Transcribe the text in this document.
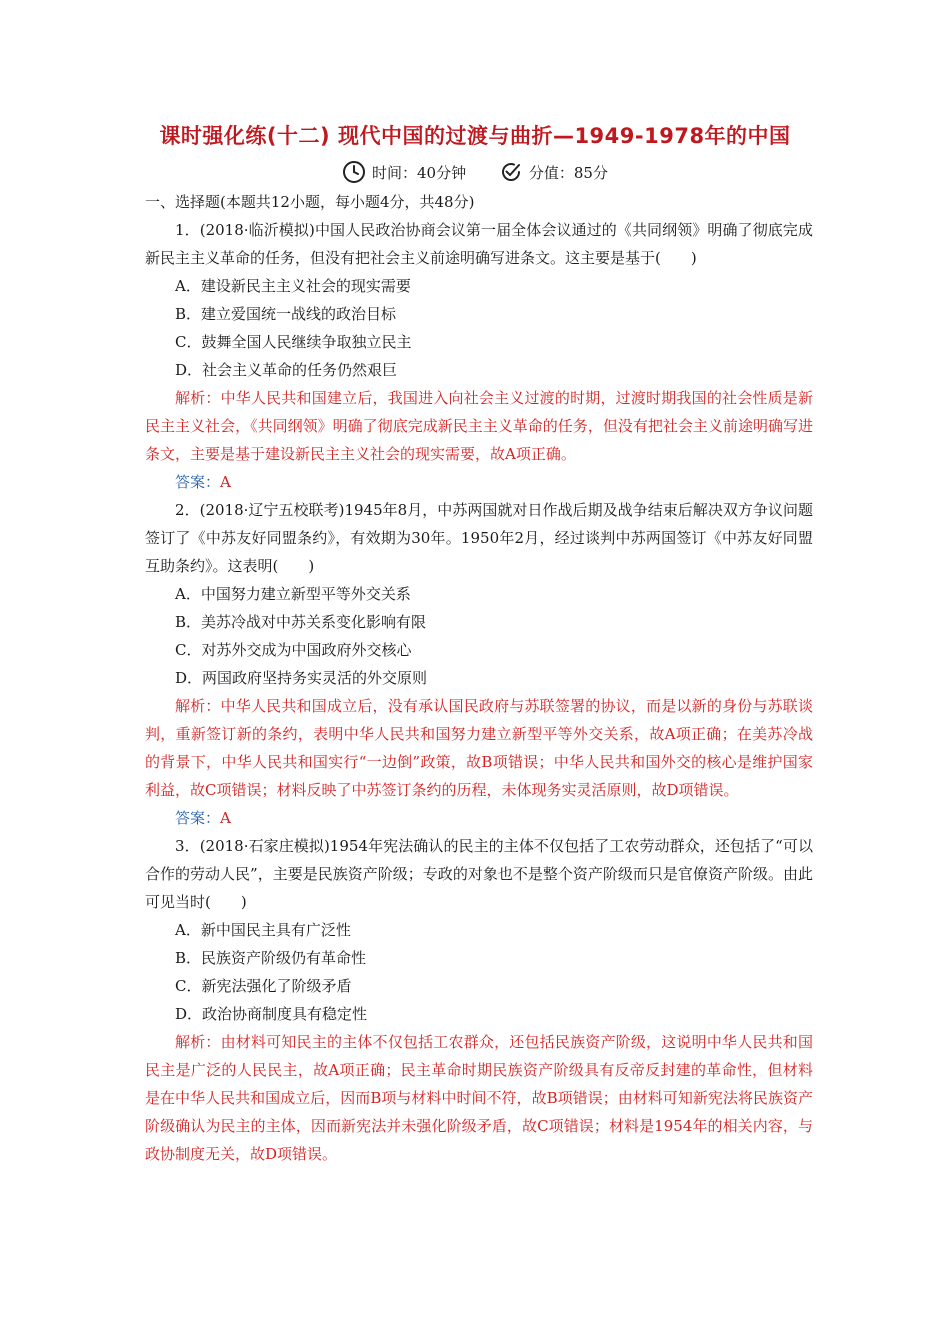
课时强化练(十二) 现代中国的过渡与曲折—1949-1978年的中国
时间：40分钟
	分值：85分
一、选择题(本题共12小题，每小题4分，共48分)

1．(2018·临沂模拟)中国人民政治协商会议第一届全体会议通过的《共同纲领》明确了彻底完成新民主主义革命的任务，但没有把社会主义前途明确写进条文。这主要是基于(　　)

A．建设新民主主义社会的现实需要

B．建立爱国统一战线的政治目标

C．鼓舞全国人民继续争取独立民主

D．社会主义革命的任务仍然艰巨

解析：中华人民共和国建立后，我国进入向社会主义过渡的时期，过渡时期我国的社会性质是新民主主义社会，《共同纲领》明确了彻底完成新民主主义革命的任务，但没有把社会主义前途明确写进条文，主要是基于建设新民主主义社会的现实需要，故A项正确。

答案：A

2．(2018·辽宁五校联考)1945年8月，中苏两国就对日作战后期及战争结束后解决双方争议问题签订了《中苏友好同盟条约》，有效期为30年。1950年2月，经过谈判中苏两国签订《中苏友好同盟互助条约》。这表明(　　)

A．中国努力建立新型平等外交关系

B．美苏冷战对中苏关系变化影响有限

C．对苏外交成为中国政府外交核心

D．两国政府坚持务实灵活的外交原则

解析：中华人民共和国成立后，没有承认国民政府与苏联签署的协议，而是以新的身份与苏联谈判，重新签订新的条约，表明中华人民共和国努力建立新型平等外交关系，故A项正确；在美苏冷战的背景下，中华人民共和国实行“一边倒”政策，故B项错误；中华人民共和国外交的核心是维护国家利益，故C项错误；材料反映了中苏签订条约的历程，未体现务实灵活原则，故D项错误。

答案：A

3．(2018·石家庄模拟)1954年宪法确认的民主的主体不仅包括了工农劳动群众，还包括了“可以合作的劳动人民”，主要是民族资产阶级；专政的对象也不是整个资产阶级而只是官僚资产阶级。由此可见当时(　　)

A．新中国民主具有广泛性

B．民族资产阶级仍有革命性

C．新宪法强化了阶级矛盾

D．政治协商制度具有稳定性

解析：由材料可知民主的主体不仅包括工农群众，还包括民族资产阶级，这说明中华人民共和国民主是广泛的人民民主，故A项正确；民主革命时期民族资产阶级具有反帝反封建的革命性，但材料是在中华人民共和国成立后，因而B项与材料中时间不符，故B项错误；由材料可知新宪法将民族资产阶级确认为民主的主体，因而新宪法并未强化阶级矛盾，故C项错误；材料是1954年的相关内容，与政协制度无关，故D项错误。
